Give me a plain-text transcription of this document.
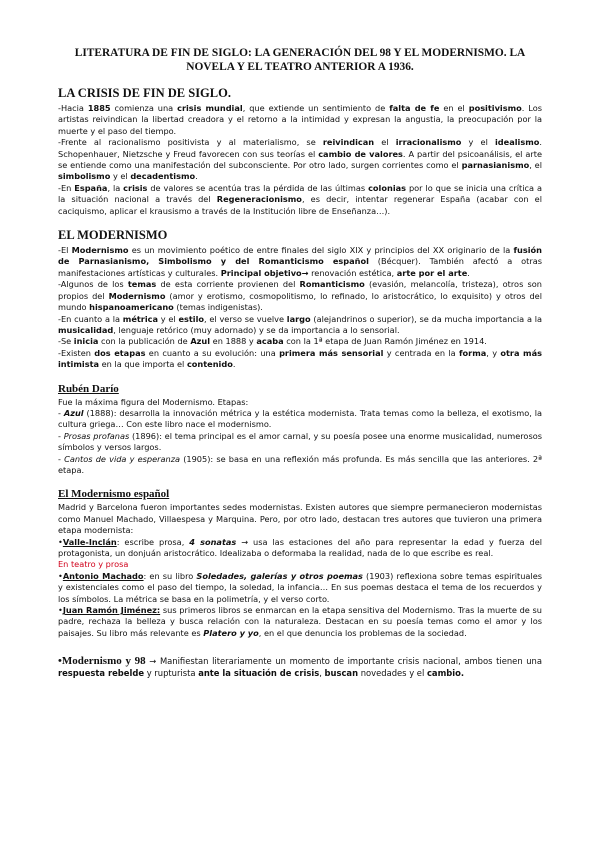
LITERATURA DE FIN DE SIGLO: LA GENERACIÓN DEL 98 Y EL MODERNISMO. LA NOVELA Y EL TEATRO ANTERIOR A 1936.
LA CRISIS DE FIN DE SIGLO.

-Hacia 1885 comienza una crisis mundial, que extiende un sentimiento de falta de fe en el positivismo. Los artistas reivindican la libertad creadora y el retorno a la intimidad y expresan la angustia, la preocupación por la muerte y el paso del tiempo.

-Frente al racionalismo positivista y al materialismo, se reivindican el irracionalismo y el idealismo. Schopenhauer, Nietzsche y Freud favorecen con sus teorías el cambio de valores. A partir del psicoanálisis, el arte se entiende como una manifestación del subconsciente. Por otro lado, surgen corrientes como el parnasianismo, el simbolismo y el decadentismo.

-En España, la crisis de valores se acentúa tras la pérdida de las últimas colonias por lo que se inicia una crítica a la situación nacional a través del Regeneracionismo, es decir, intentar regenerar España (acabar con el caciquismo, aplicar el krausismo a través de la Institución libre de Enseñanza…).

EL MODERNISMO

-El Modernismo es un movimiento poético de entre finales del siglo XIX y principios del XX originario de la fusión de Parnasianismo, Simbolismo y del Romanticismo español (Bécquer). También afectó a otras manifestaciones artísticas y culturales. Principal objetivo→ renovación estética, arte por el arte.

-Algunos de los temas de esta corriente provienen del Romanticismo (evasión, melancolía, tristeza), otros son propios del Modernismo (amor y erotismo, cosmopolitismo, lo refinado, lo aristocrático, lo exquisito) y otros del mundo hispanoamericano (temas indigenistas).

-En cuanto a la métrica y el estilo, el verso se vuelve largo (alejandrinos o superior), se da mucha importancia a la musicalidad, lenguaje retórico (muy adornado) y se da importancia a lo sensorial.

-Se inicia con la publicación de Azul en 1888 y acaba con la 1ª etapa de Juan Ramón Jiménez en 1914.

-Existen dos etapas en cuanto a su evolución: una primera más sensorial y centrada en la forma, y otra más intimista en la que importa el contenido.

Rubén Darío

Fue la máxima figura del Modernismo. Etapas:

- Azul (1888): desarrolla la innovación métrica y la estética modernista. Trata temas como la belleza, el exotismo, la cultura griega… Con este libro nace el modernismo.

- Prosas profanas (1896): el tema principal es el amor carnal, y su poesía posee una enorme musicalidad, numerosos símbolos y versos largos.

- Cantos de vida y esperanza (1905): se basa en una reflexión más profunda. Es más sencilla que las anteriores. 2ª etapa.

El Modernismo español

Madrid y Barcelona fueron importantes sedes modernistas. Existen autores que siempre permanecieron modernistas como Manuel Machado, Villaespesa y Marquina. Pero, por otro lado, destacan tres autores que tuvieron una primera etapa modernista:

•Valle-Inclán: escribe prosa, 4 sonatas → usa las estaciones del año para representar la edad y fuerza del protagonista, un donjuán aristocrático. Idealizaba o deformaba la realidad, nada de lo que escribe es real.

En teatro y prosa

•Antonio Machado: en su libro Soledades, galerías y otros poemas (1903) reflexiona sobre temas espirituales y existenciales como el paso del tiempo, la soledad, la infancia… En sus poemas destaca el tema de los recuerdos y los símbolos. La métrica se basa en la polimetría, y el verso corto.

•Juan Ramón Jiménez: sus primeros libros se enmarcan en la etapa sensitiva del Modernismo. Tras la muerte de su padre, rechaza la belleza y busca relación con la naturaleza. Destacan en su poesía temas como el amor y los paisajes. Su libro más relevante es Platero y yo, en el que denuncia los problemas de la sociedad.

•Modernismo y 98 → Manifiestan literariamente un momento de importante crisis nacional, ambos tienen una respuesta rebelde y rupturista ante la situación de crisis, buscan novedades y el cambio.
